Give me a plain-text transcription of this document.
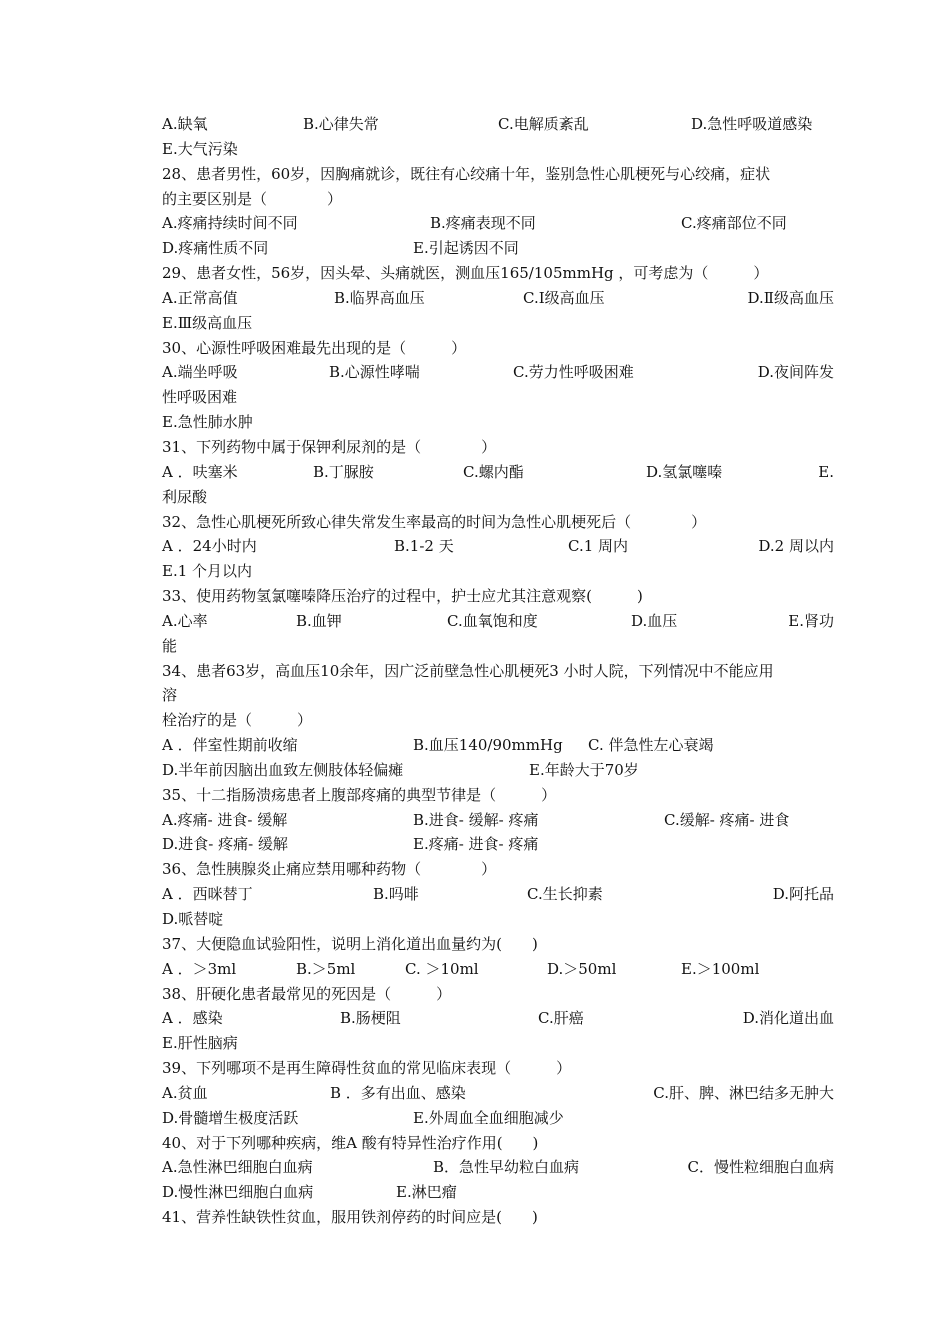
A.缺氧	B.心律失常	C.电解质紊乱	D.急性呼吸道感染
E.大气污染
28、患者男性，60岁，因胸痛就诊，既往有心绞痛十年，鉴别急性心肌梗死与心绞痛，症状
的主要区别是（　　　　）
A.疼痛持续时间不同	B.疼痛表现不同	C.疼痛部位不同
D.疼痛性质不同	E.引起诱因不同
29、患者女性，56岁，因头晕、头痛就医，测血压165/105mmHg ，可考虑为（　　　）
A.正常高值	B.临界高血压	C.Ⅰ级高血压	D.Ⅱ级高血压
E.Ⅲ级高血压
30、心源性呼吸困难最先出现的是（　　　）
A.端坐呼吸	B.心源性哮喘	C.劳力性呼吸困难	D.夜间阵发
性呼吸困难
E.急性肺水肿
31、下列药物中属于保钾利尿剂的是（　　　　）
A ．呋塞米	B.丁脲胺	C.螺内酯	D.氢氯噻嗪	E.
利尿酸
32、急性心肌梗死所致心律失常发生率最高的时间为急性心肌梗死后（　　　　）
A ．24小时内	B.1-2 天	C.1 周内	D.2 周以内
E.1 个月以内
33、使用药物氢氯噻嗪降压治疗的过程中，护士应尤其注意观察(　　　)
A.心率	B.血钾	C.血氧饱和度	D.血压	E.肾功
能
34、患者63岁，高血压10余年，因广泛前壁急性心肌梗死3 小时人院，下列情况中不能应用
溶
栓治疗的是（　　　）
A ．伴室性期前收缩	B.血压140/90mmHg C. 伴急性左心衰竭
D.半年前因脑出血致左侧肢体轻偏瘫	E.年龄大于70岁
35、十二指肠溃疡患者上腹部疼痛的典型节律是（　　　）
A.疼痛- 进食- 缓解	B.进食- 缓解- 疼痛	C.缓解- 疼痛- 进食
D.进食- 疼痛- 缓解	E.疼痛- 进食- 疼痛
36、急性胰腺炎止痛应禁用哪种药物（　　　　）
A ．西咪替丁	B.吗啡	C.生长抑素	D.阿托品
D.哌替啶
37、大便隐血试验阳性，说明上消化道出血量约为(　　)
A ．＞3ml	B.＞5ml	C. ＞10ml	D.＞50ml	E.＞100ml
38、肝硬化患者最常见的死因是（　　　）
A ．感染	B.肠梗阻	C.肝癌	D.消化道出血
E.肝性脑病
39、下列哪项不是再生障碍性贫血的常见临床表现（　　　）
A.贫血	B ．多有出血、感染	C.肝、脾、淋巴结多无肿大
D.骨髓增生极度活跃	E.外周血全血细胞减少
40、对于下列哪种疾病，维A 酸有特异性治疗作用(　　)
A.急性淋巴细胞白血病	B．急性早幼粒白血病	C．慢性粒细胞白血病
D.慢性淋巴细胞白血病	E.淋巴瘤
41、营养性缺铁性贫血，服用铁剂停药的时间应是(　　)
